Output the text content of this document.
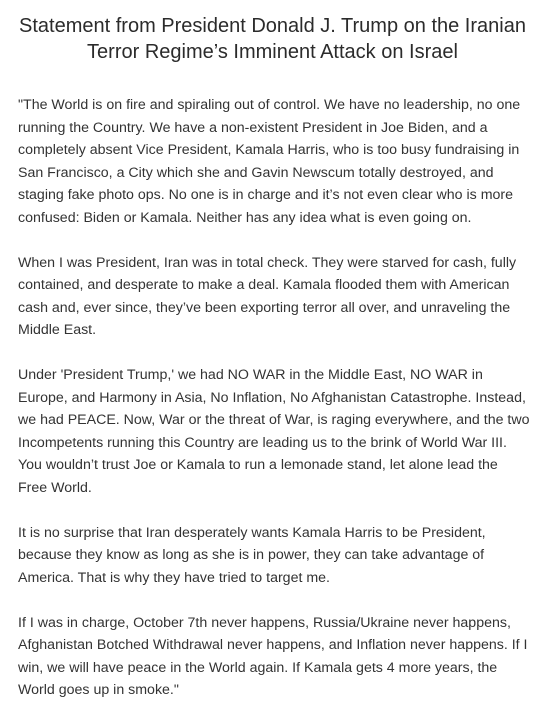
Statement from President Donald J. Trump on the Iranian
Terror Regime’s Imminent Attack on Israel

"The World is on fire and spiraling out of control. We have no leadership, no one running the Country. We have a non-existent President in Joe Biden, and a completely absent Vice President, Kamala Harris, who is too busy fundraising in San Francisco, a City which she and Gavin Newscum totally destroyed, and staging fake photo ops. No one is in charge and it’s not even clear who is more confused: Biden or Kamala. Neither has any idea what is even going on.

When I was President, Iran was in total check. They were starved for cash, fully contained, and desperate to make a deal. Kamala flooded them with American cash and, ever since, they’ve been exporting terror all over, and unraveling the Middle East.

Under 'President Trump,' we had NO WAR in the Middle East, NO WAR in Europe, and Harmony in Asia, No Inflation, No Afghanistan Catastrophe. Instead, we had PEACE. Now, War or the threat of War, is raging everywhere, and the two Incompetents running this Country are leading us to the brink of World War III. You wouldn’t trust Joe or Kamala to run a lemonade stand, let alone lead the Free World.

It is no surprise that Iran desperately wants Kamala Harris to be President, because they know as long as she is in power, they can take advantage of America. That is why they have tried to target me.

If I was in charge, October 7th never happens, Russia/Ukraine never happens, Afghanistan Botched Withdrawal never happens, and Inflation never happens. If I win, we will have peace in the World again. If Kamala gets 4 more years, the World goes up in smoke."
